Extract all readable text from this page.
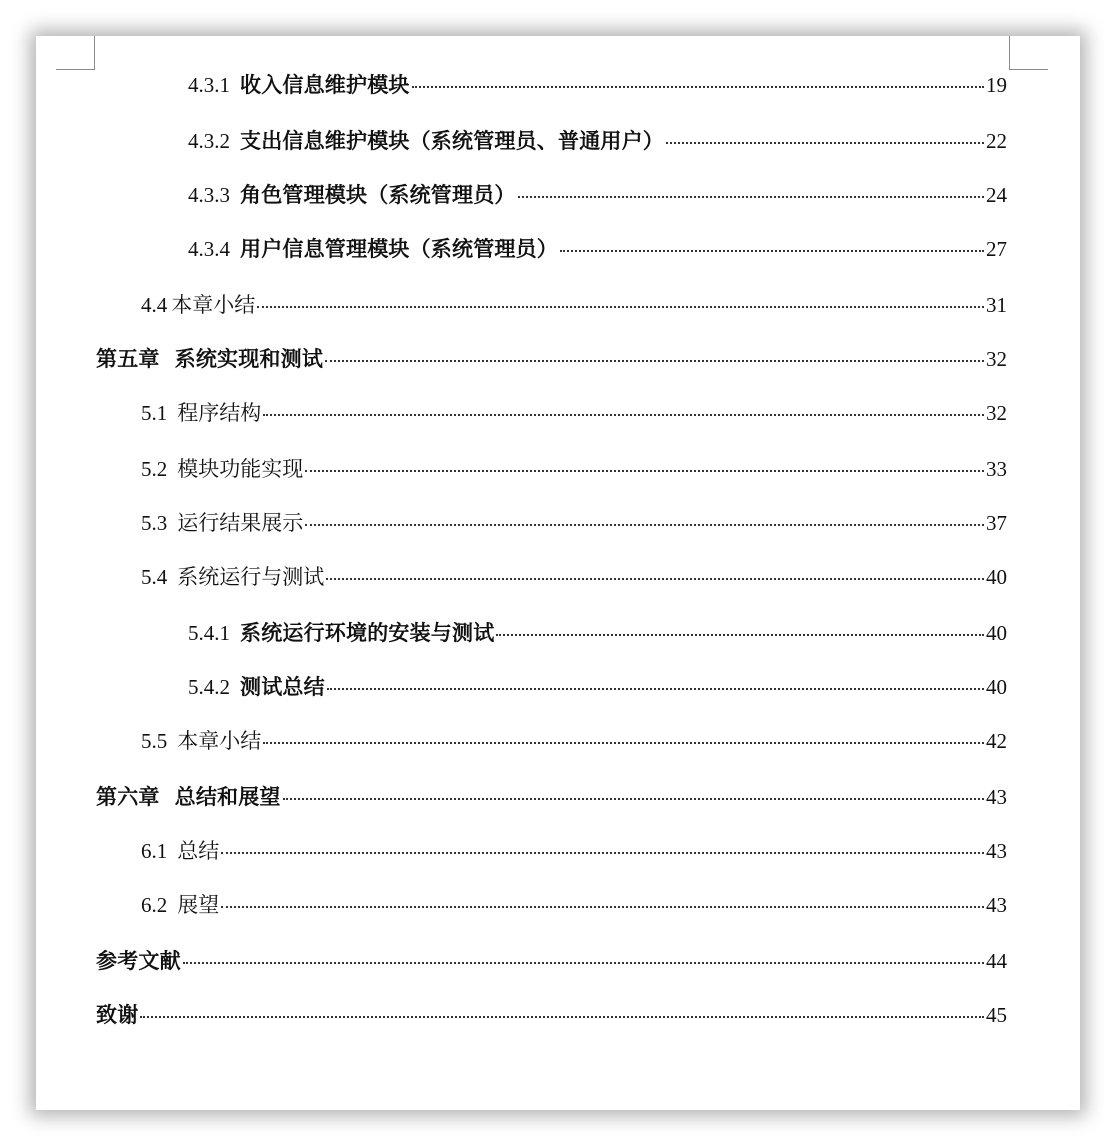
4.3.1 收入信息维护模块	19
4.3.2 支出信息维护模块（系统管理员、普通用户）	22
4.3.3 角色管理模块（系统管理员）	24
4.3.4 用户信息管理模块（系统管理员）	27
4.4 本章小结	31
第五章  系统实现和测试	32
5.1 程序结构	32
5.2 模块功能实现	33
5.3 运行结果展示	37
5.4 系统运行与测试	40
5.4.1 系统运行环境的安装与测试	40
5.4.2 测试总结	40
5.5 本章小结	42
第六章  总结和展望	43
6.1 总结	43
6.2 展望	43
参考文献	44
致谢	45
